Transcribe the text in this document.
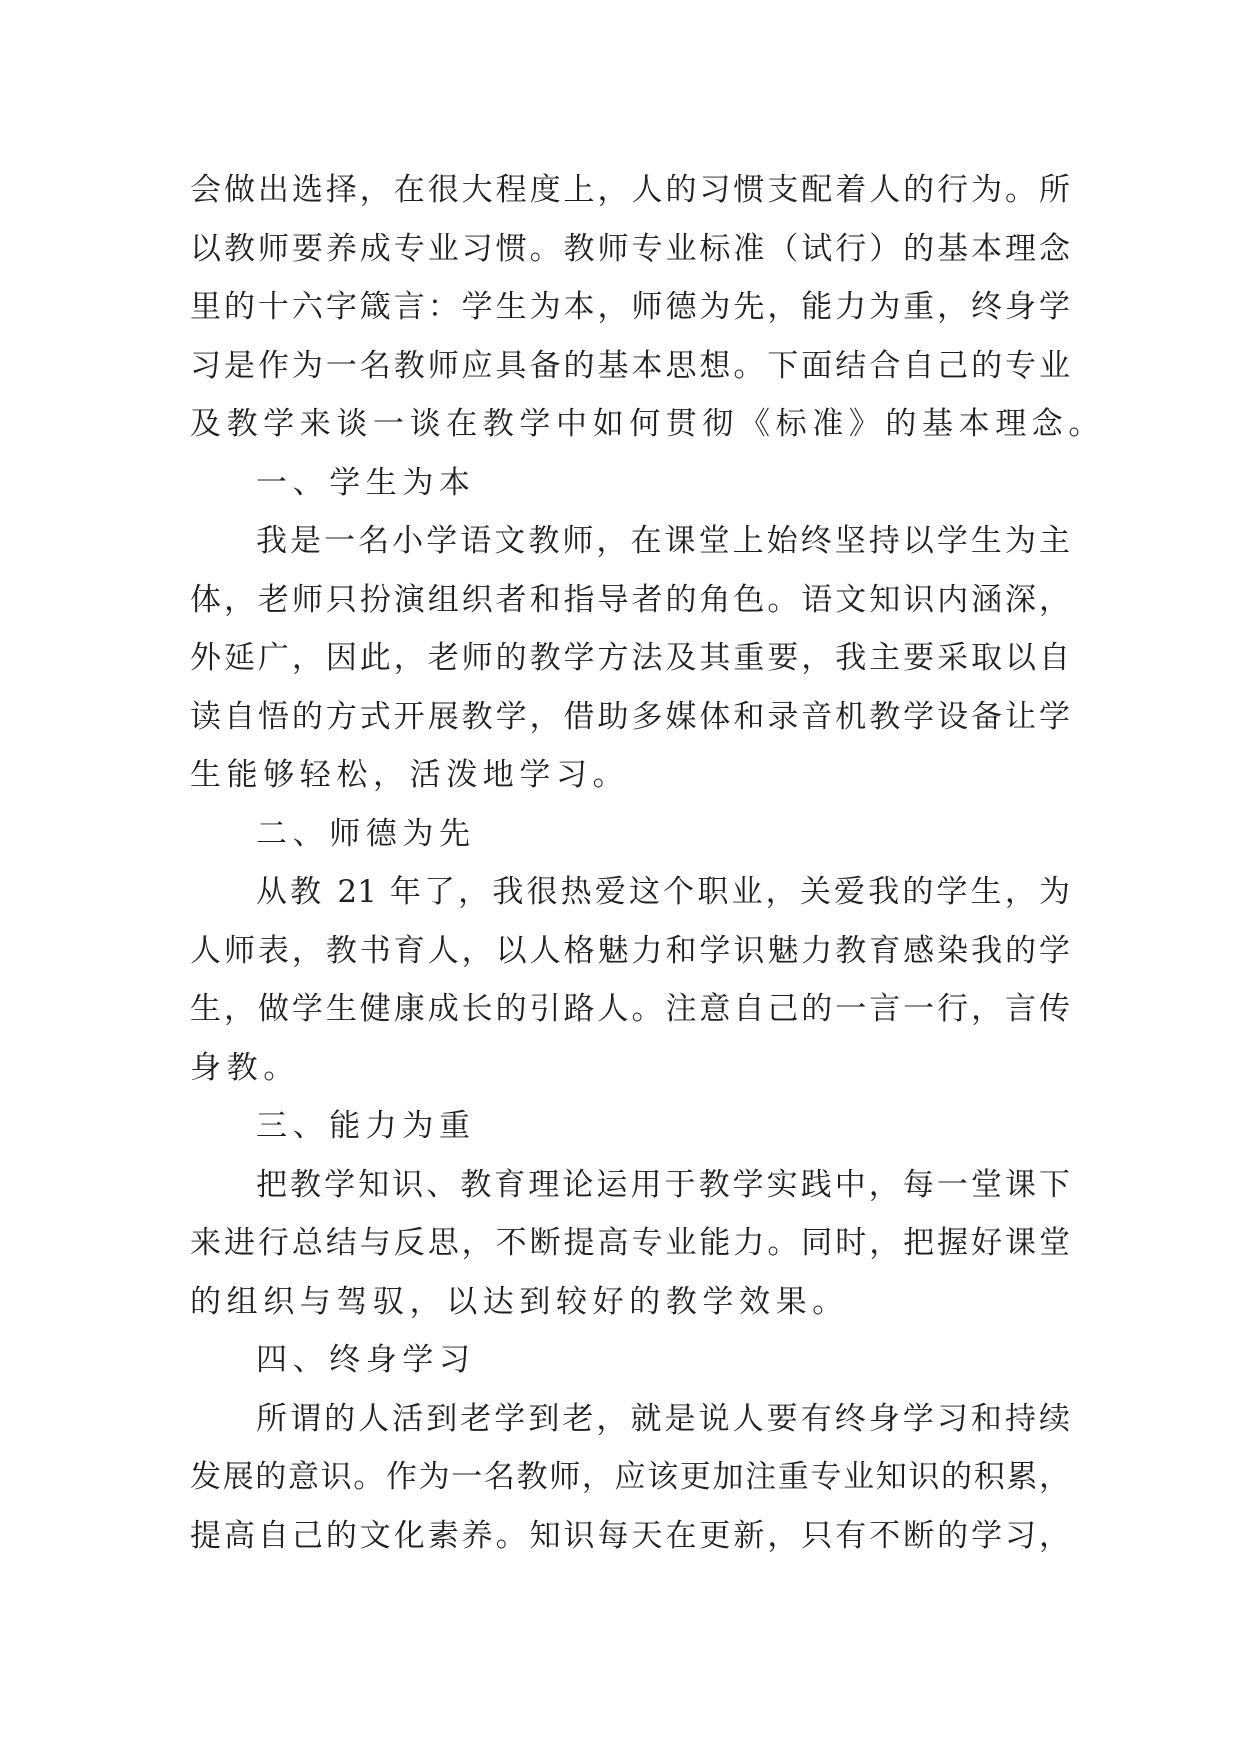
会做出选择，在很大程度上，人的习惯支配着人的行为。所
以教师要养成专业习惯。教师专业标准（试行）的基本理念
里的十六字箴言：学生为本，师德为先，能力为重，终身学
习是作为一名教师应具备的基本思想。下面结合自己的专业
及教学来谈一谈在教学中如何贯彻《标准》的基本理念。
一、学生为本
我是一名小学语文教师，在课堂上始终坚持以学生为主
体，老师只扮演组织者和指导者的角色。语文知识内涵深，
外延广，因此，老师的教学方法及其重要，我主要采取以自
读自悟的方式开展教学，借助多媒体和录音机教学设备让学
生能够轻松，活泼地学习。
二、师德为先
从教 21 年了，我很热爱这个职业，关爱我的学生，为
人师表，教书育人，以人格魅力和学识魅力教育感染我的学
生，做学生健康成长的引路人。注意自己的一言一行，言传
身教。
三、能力为重
把教学知识、教育理论运用于教学实践中，每一堂课下
来进行总结与反思，不断提高专业能力。同时，把握好课堂
的组织与驾驭，以达到较好的教学效果。
四、终身学习
所谓的人活到老学到老，就是说人要有终身学习和持续
发展的意识。作为一名教师，应该更加注重专业知识的积累，
提高自己的文化素养。知识每天在更新，只有不断的学习，
